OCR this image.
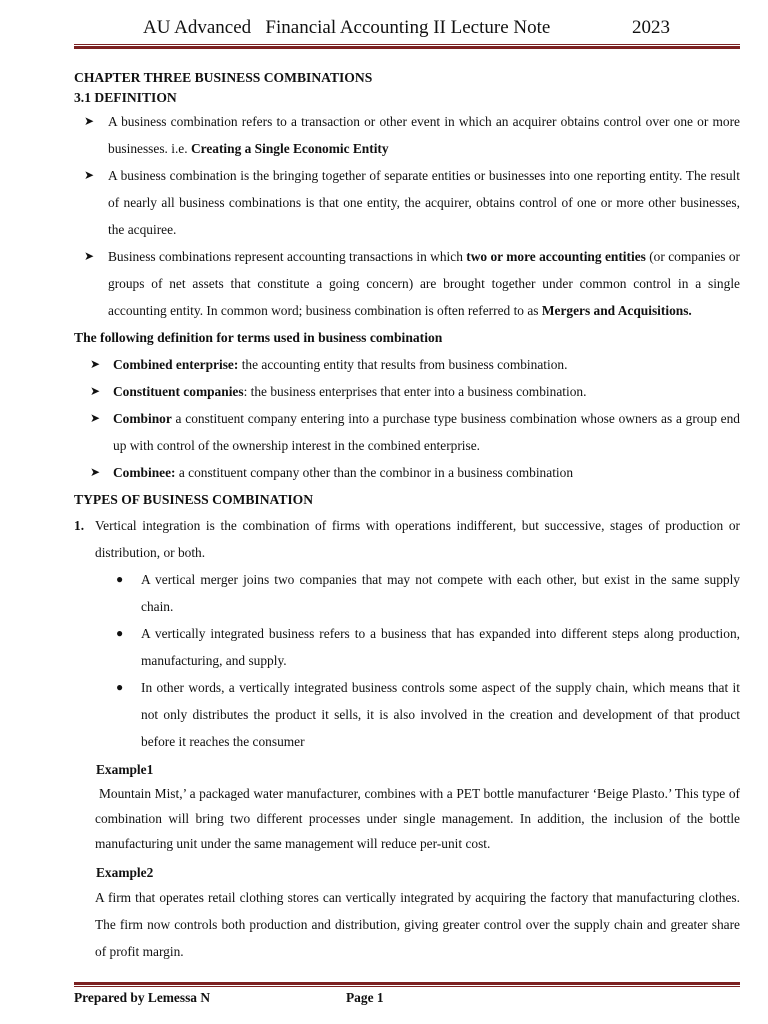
AU Advanced   Financial Accounting II Lecture Note	2023
CHAPTER THREE BUSINESS COMBINATIONS
3.1 DEFINITION
➤ A business combination refers to a transaction or other event in which an acquirer obtains control over one or more businesses. i.e. Creating a Single Economic Entity
➤ A business combination is the bringing together of separate entities or businesses into one reporting entity. The result of nearly all business combinations is that one entity, the acquirer, obtains control of one or more other businesses, the acquiree.
➤ Business combinations represent accounting transactions in which two or more accounting entities (or companies or groups of net assets that constitute a going concern) are brought together under common control in a single accounting entity. In common word; business combination is often referred to as Mergers and Acquisitions.
The following definition for terms used in business combination
➤ Combined enterprise: the accounting entity that results from business combination.
➤ Constituent companies: the business enterprises that enter into a business combination.
➤ Combinor a constituent company entering into a purchase type business combination whose owners as a group end up with control of the ownership interest in the combined enterprise.
➤ Combinee: a constituent company other than the combinor in a business combination
TYPES OF BUSINESS COMBINATION
1. Vertical integration is the combination of firms with operations indifferent, but successive, stages of production or distribution, or both.
● A vertical merger joins two companies that may not compete with each other, but exist in the same supply chain.
● A vertically integrated business refers to a business that has expanded into different steps along production, manufacturing, and supply.
● In other words, a vertically integrated business controls some aspect of the supply chain, which means that it not only distributes the product it sells, it is also involved in the creation and development of that product before it reaches the consumer
Example1
Mountain Mist,’ a packaged water manufacturer, combines with a PET bottle manufacturer ‘Beige Plasto.’ This type of combination will bring two different processes under single management. In addition, the inclusion of the bottle manufacturing unit under the same management will reduce per-unit cost.
Example2
A firm that operates retail clothing stores can vertically integrated by acquiring the factory that manufacturing clothes. The firm now controls both production and distribution, giving greater control over the supply chain and greater share of profit margin.
Prepared by Lemessa N	Page 1
